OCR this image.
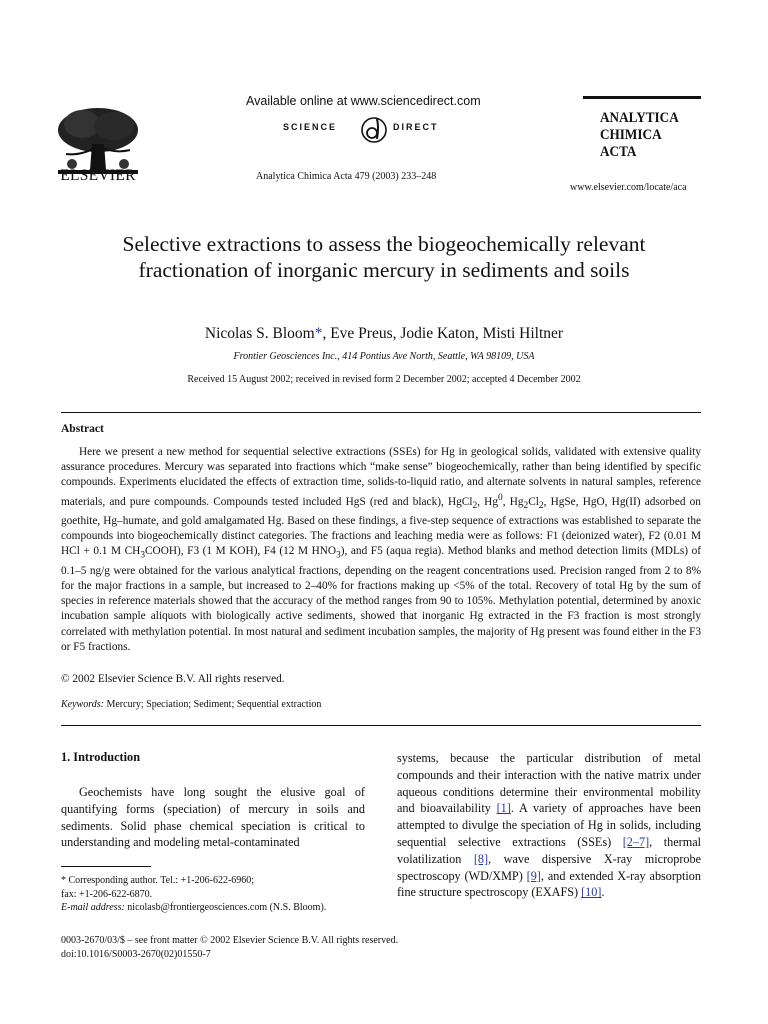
ELSEVIER
Available online at www.sciencedirect.com
SCIENCE	DIRECT
Analytica Chimica Acta 479 (2003) 233–248
ANALYTICA
CHIMICA
ACTA
www.elsevier.com/locate/aca
Selective extractions to assess the biogeochemically relevant fractionation of inorganic mercury in sediments and soils
Nicolas S. Bloom*, Eve Preus, Jodie Katon, Misti Hiltner
Frontier Geosciences Inc., 414 Pontius Ave North, Seattle, WA 98109, USA
Received 15 August 2002; received in revised form 2 December 2002; accepted 4 December 2002
Abstract
Here we present a new method for sequential selective extractions (SSEs) for Hg in geological solids, validated with extensive quality assurance procedures. Mercury was separated into fractions which “make sense” biogeochemically, rather than being identified by specific compounds. Experiments elucidated the effects of extraction time, solids-to-liquid ratio, and alternate solvents in natural samples, reference materials, and pure compounds. Compounds tested included HgS (red and black), HgCl$_2$, Hg$^0$, $Hg_2Cl_2$, HgSe, HgO, Hg(II) adsorbed on goethite, Hg–humate, and gold amalgamated Hg. Based on these findings, a five-step sequence of extractions was established to separate the compounds into biogeochemically distinct categories. The fractions and leaching media were as follows: F1 (deionized water), F2 (0.01 M HCl + 0.1 M $CH_3COOH$), F3 (1 M KOH), F4 (12 M $HNO_3$), and F5 (aqua regia). Method blanks and method detection limits (MDLs) of 0.1–5 ng/g were obtained for the various analytical fractions, depending on the reagent concentrations used. Precision ranged from 2 to 8% for the major fractions in a sample, but increased to 2–40% for fractions making up <5% of the total. Recovery of total Hg by the sum of species in reference materials showed that the accuracy of the method ranges from 90 to 105%. Methylation potential, determined by anoxic incubation sample aliquots with biologically active sediments, showed that inorganic Hg extracted in the F3 fraction is most strongly correlated with methylation potential. In most natural and sediment incubation samples, the majority of Hg present was found either in the F3 or F5 fractions.
© 2002 Elsevier Science B.V. All rights reserved.
Keywords: Mercury; Speciation; Sediment; Sequential extraction
1. Introduction
Geochemists have long sought the elusive goal of quantifying forms (speciation) of mercury in soils and sediments. Solid phase chemical speciation is critical to understanding and modeling metal-contaminated
systems, because the particular distribution of metal compounds and their interaction with the native matrix under aqueous conditions determine their environmental mobility and bioavailability [1]. A variety of approaches have been attempted to divulge the speciation of Hg in solids, including sequential selective extractions (SSEs) [2–7], thermal volatilization [8], wave dispersive X-ray microprobe spectroscopy (WD/XMP) [9], and extended X-ray absorption fine structure spectroscopy (EXAFS) [10].
* Corresponding author. Tel.: +1-206-622-6960;
fax: +1-206-622-6870.
E-mail address: nicolasb@frontiergeosciences.com (N.S. Bloom).
0003-2670/03/$ – see front matter © 2002 Elsevier Science B.V. All rights reserved.
doi:10.1016/S0003-2670(02)01550-7
